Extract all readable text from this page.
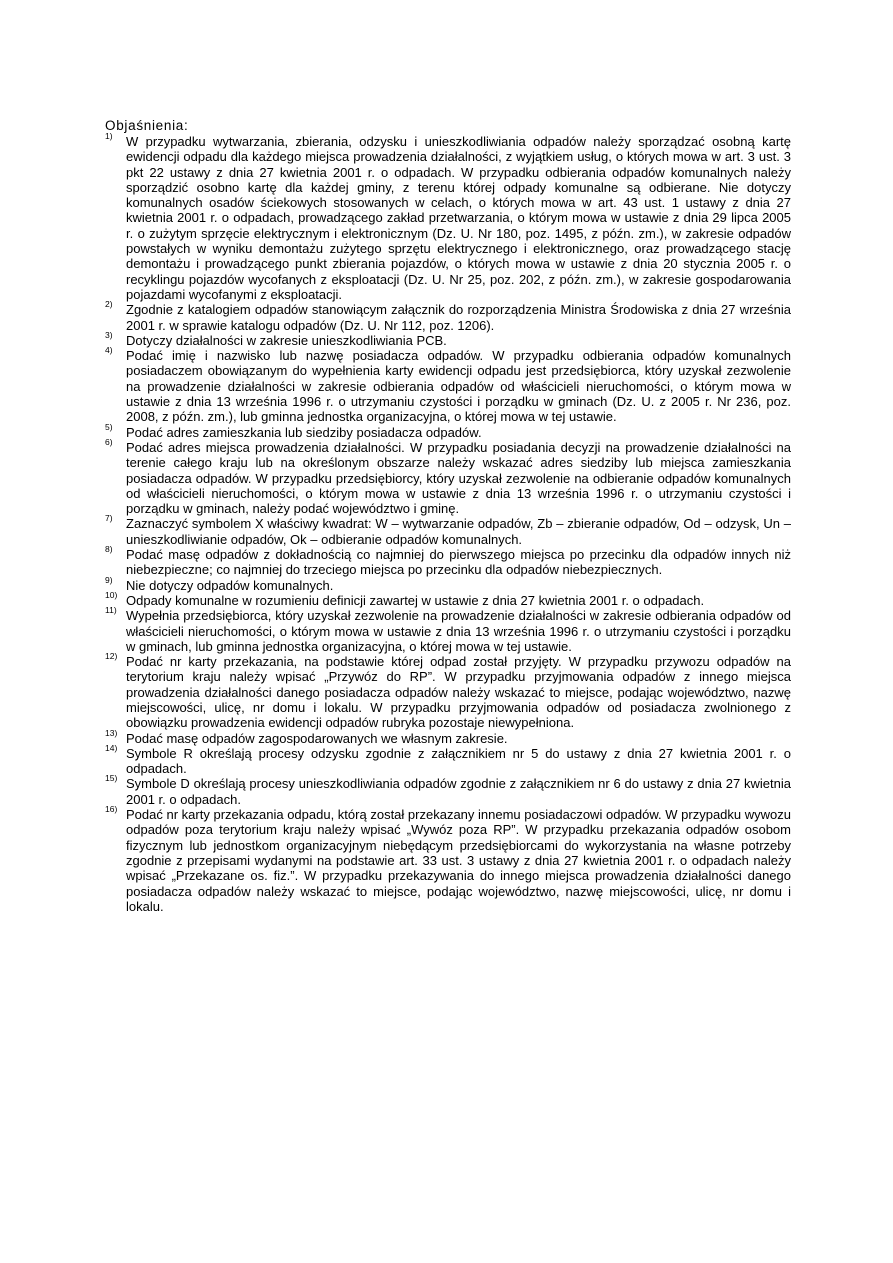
Objaśnienia:

1) W przypadku wytwarzania, zbierania, odzysku i unieszkodliwiania odpadów należy sporządzać osobną kartę ewidencji odpadu dla każdego miejsca prowadzenia działalności, z wyjątkiem usług, o których mowa w art. 3 ust. 3 pkt 22 ustawy z dnia 27 kwietnia 2001 r. o odpadach. W przypadku odbierania odpadów komunalnych należy sporządzić osobno kartę dla każdej gminy, z terenu której odpady komunalne są odbierane. Nie dotyczy komunalnych osadów ściekowych stosowanych w celach, o których mowa w art. 43 ust. 1 ustawy z dnia 27 kwietnia 2001 r. o odpadach, prowadzącego zakład przetwarzania, o którym mowa w ustawie z dnia 29 lipca 2005 r. o zużytym sprzęcie elektrycznym i elektronicznym (Dz. U. Nr 180, poz. 1495, z późn. zm.), w zakresie odpadów powstałych w wyniku demontażu zużytego sprzętu elektrycznego i elektronicznego, oraz prowadzącego stację demontażu i prowadzącego punkt zbierania pojazdów, o których mowa w ustawie z dnia 20 stycznia 2005 r. o recyklingu pojazdów wycofanych z eksploatacji (Dz. U. Nr 25, poz. 202, z późn. zm.), w zakresie gospodarowania pojazdami wycofanymi z eksploatacji.
2) Zgodnie z katalogiem odpadów stanowiącym załącznik do rozporządzenia Ministra Środowiska z dnia 27 września 2001 r. w sprawie katalogu odpadów (Dz. U. Nr 112, poz. 1206).
3) Dotyczy działalności w zakresie unieszkodliwiania PCB.
4) Podać imię i nazwisko lub nazwę posiadacza odpadów. W przypadku odbierania odpadów komunalnych posiadaczem obowiązanym do wypełnienia karty ewidencji odpadu jest przedsiębiorca, który uzyskał zezwolenie na prowadzenie działalności w zakresie odbierania odpadów od właścicieli nieruchomości, o którym mowa w ustawie z dnia 13 września 1996 r. o utrzymaniu czystości i porządku w gminach (Dz. U. z 2005 r. Nr 236, poz. 2008, z późn. zm.), lub gminna jednostka organizacyjna, o której mowa w tej ustawie.
5) Podać adres zamieszkania lub siedziby posiadacza odpadów.
6) Podać adres miejsca prowadzenia działalności. W przypadku posiadania decyzji na prowadzenie działalności na terenie całego kraju lub na określonym obszarze należy wskazać adres siedziby lub miejsca zamieszkania posiadacza odpadów. W przypadku przedsiębiorcy, który uzyskał zezwolenie na odbieranie odpadów komunalnych od właścicieli nieruchomości, o którym mowa w ustawie z dnia 13 września 1996 r. o utrzymaniu czystości i porządku w gminach, należy podać województwo i gminę.
7) Zaznaczyć symbolem X właściwy kwadrat: W – wytwarzanie odpadów, Zb – zbieranie odpadów, Od – odzysk, Un – unieszkodliwianie odpadów, Ok – odbieranie odpadów komunalnych.
8) Podać masę odpadów z dokładnością co najmniej do pierwszego miejsca po przecinku dla odpadów innych niż niebezpieczne; co najmniej do trzeciego miejsca po przecinku dla odpadów niebezpiecznych.
9) Nie dotyczy odpadów komunalnych.
10) Odpady komunalne w rozumieniu definicji zawartej w ustawie z dnia 27 kwietnia 2001 r. o odpadach.
11) Wypełnia przedsiębiorca, który uzyskał zezwolenie na prowadzenie działalności w zakresie odbierania odpadów od właścicieli nieruchomości, o którym mowa w ustawie z dnia 13 września 1996 r. o utrzymaniu czystości i porządku w gminach, lub gminna jednostka organizacyjna, o której mowa w tej ustawie.
12) Podać nr karty przekazania, na podstawie której odpad został przyjęty. W przypadku przywozu odpadów na terytorium kraju należy wpisać „Przywóz do RP”. W przypadku przyjmowania odpadów z innego miejsca prowadzenia działalności danego posiadacza odpadów należy wskazać to miejsce, podając województwo, nazwę miejscowości, ulicę, nr domu i lokalu. W przypadku przyjmowania odpadów od posiadacza zwolnionego z obowiązku prowadzenia ewidencji odpadów rubryka pozostaje niewypełniona.
13) Podać masę odpadów zagospodarowanych we własnym zakresie.
14) Symbole R określają procesy odzysku zgodnie z załącznikiem nr 5 do ustawy z dnia 27 kwietnia 2001 r. o odpadach.
15) Symbole D określają procesy unieszkodliwiania odpadów zgodnie z załącznikiem nr 6 do ustawy z dnia 27 kwietnia 2001 r. o odpadach.
16) Podać nr karty przekazania odpadu, którą został przekazany innemu posiadaczowi odpadów. W przypadku wywozu odpadów poza terytorium kraju należy wpisać „Wywóz poza RP”. W przypadku przekazania odpadów osobom fizycznym lub jednostkom organizacyjnym niebędącym przedsiębiorcami do wykorzystania na własne potrzeby zgodnie z przepisami wydanymi na podstawie art. 33 ust. 3 ustawy z dnia 27 kwietnia 2001 r. o odpadach należy wpisać „Przekazane os. fiz.”. W przypadku przekazywania do innego miejsca prowadzenia działalności danego posiadacza odpadów należy wskazać to miejsce, podając województwo, nazwę miejscowości, ulicę, nr domu i lokalu.
